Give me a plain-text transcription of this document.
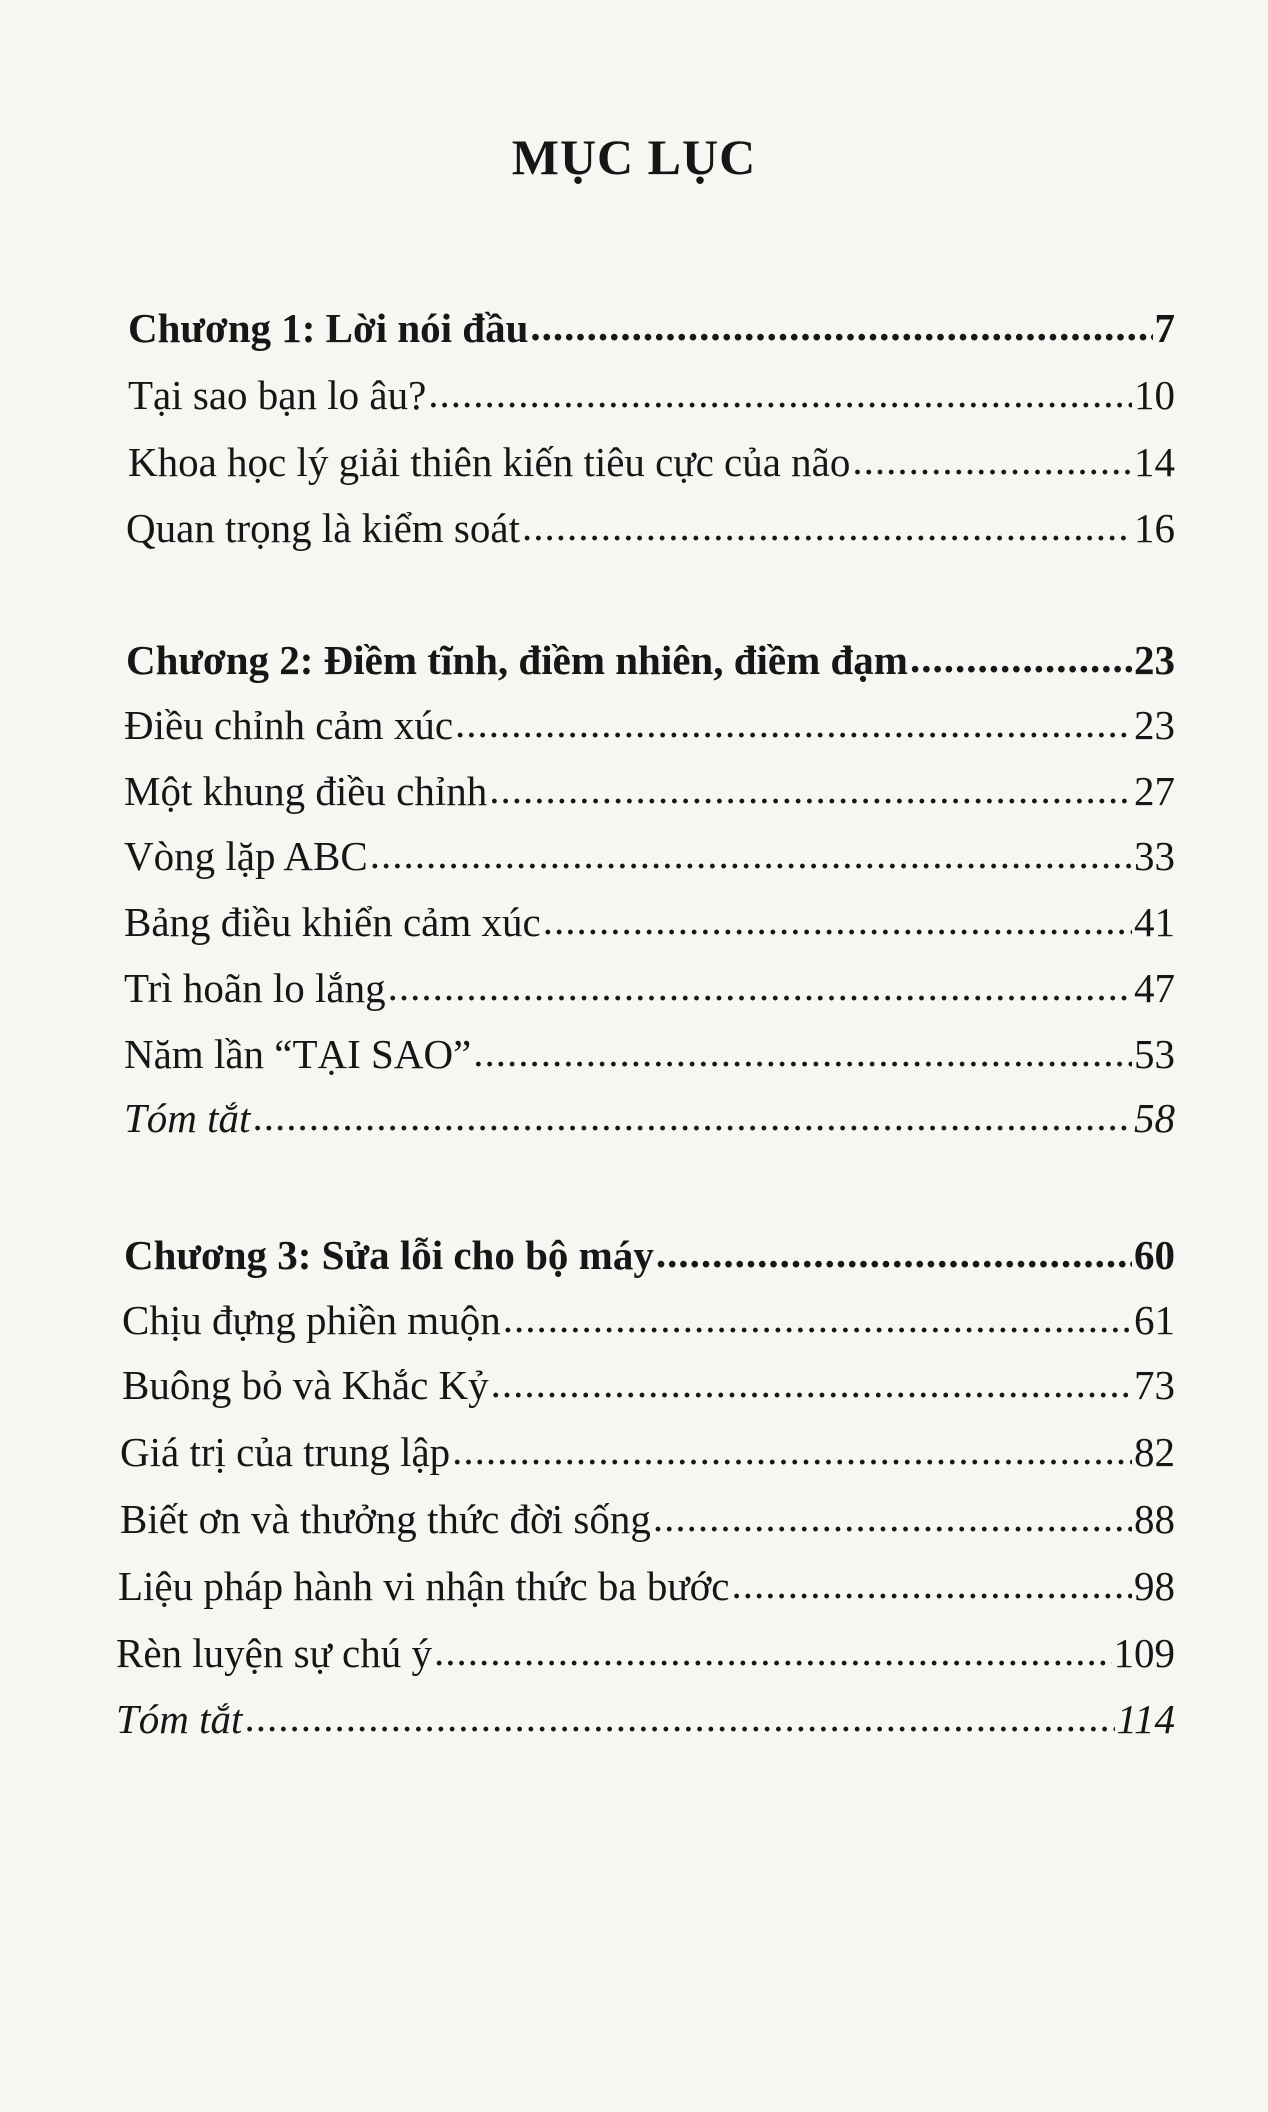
MỤC LỤC
Chương 1: Lời nói đầu .....	7
Tại sao bạn lo âu? .....	10
Khoa học lý giải thiên kiến tiêu cực của não .....	14
Quan trọng là kiểm soát .....	16
Chương 2: Điềm tĩnh, điềm nhiên, điềm đạm .....	23
Điều chỉnh cảm xúc .....	23
Một khung điều chỉnh .....	27
Vòng lặp ABC .....	33
Bảng điều khiển cảm xúc .....	41
Trì hoãn lo lắng .....	47
Năm lần “TẠI SAO” .....	53
Tóm tắt .....	58
Chương 3: Sửa lỗi cho bộ máy .....	60
Chịu đựng phiền muộn .....	61
Buông bỏ và Khắc Kỷ .....	73
Giá trị của trung lập .....	82
Biết ơn và thưởng thức đời sống .....	88
Liệu pháp hành vi nhận thức ba bước .....	98
Rèn luyện sự chú ý .....	109
Tóm tắt .....	114
